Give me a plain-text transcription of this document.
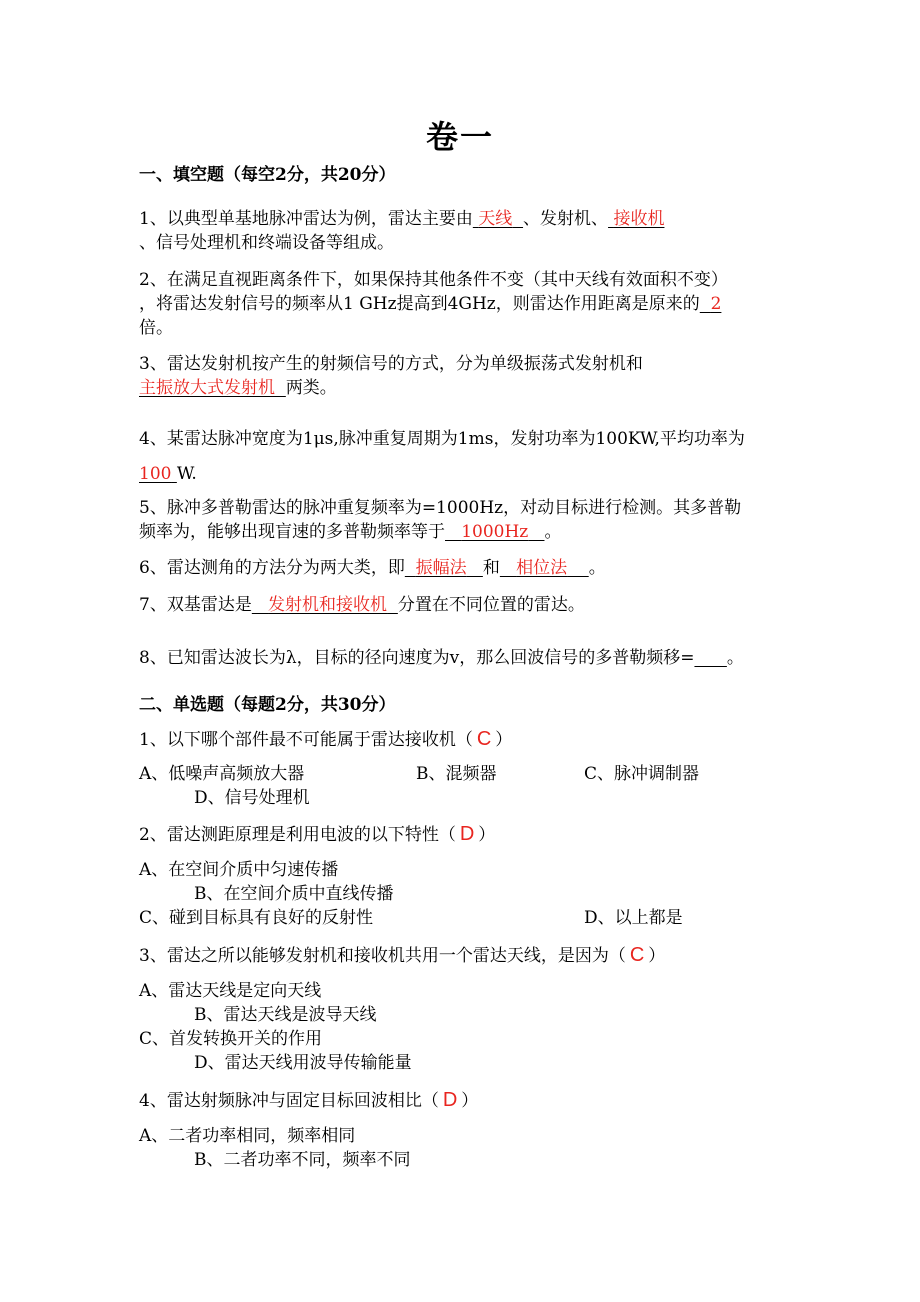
卷一
一、填空题（每空2分，共20分）
1、以典型单基地脉冲雷达为例，雷达主要由 天线 、发射机、 接收机
、信号处理机和终端设备等组成。
2、在满足直视距离条件下，如果保持其他条件不变（其中天线有效面积不变）
，将雷达发射信号的频率从1 GHz提高到4GHz，则雷达作用距离是原来的 2
倍。
3、雷达发射机按产生的射频信号的方式，分为单级振荡式发射机和
主振放大式发射机 两类。
4、某雷达脉冲宽度为1μs,脉冲重复周期为1ms，发射功率为100KW,平均功率为
100 W.
5、脉冲多普勒雷达的脉冲重复频率为=1000Hz，对动目标进行检测。其多普勒
频率为，能够出现盲速的多普勒频率等于 1000Hz 。
6、雷达测角的方法分为两大类，即 振幅法 和 相位法 。
7、双基雷达是 发射机和接收机 分置在不同位置的雷达。
8、已知雷达波长为λ，目标的径向速度为v，那么回波信号的多普勒频移= 。
二、单选题（每题2分，共30分）
1、以下哪个部件最不可能属于雷达接收机（ C ）
A、低噪声高频放大器	B、混频器	C、脉冲调制器
D、信号处理机
2、雷达测距原理是利用电波的以下特性（ D ）
A、在空间介质中匀速传播
B、在空间介质中直线传播
C、碰到目标具有良好的反射性	D、以上都是
3、雷达之所以能够发射机和接收机共用一个雷达天线，是因为（ C ）
A、雷达天线是定向天线
B、雷达天线是波导天线
C、首发转换开关的作用
D、雷达天线用波导传输能量
4、雷达射频脉冲与固定目标回波相比（ D ）
A、二者功率相同，频率相同
B、二者功率不同，频率不同
